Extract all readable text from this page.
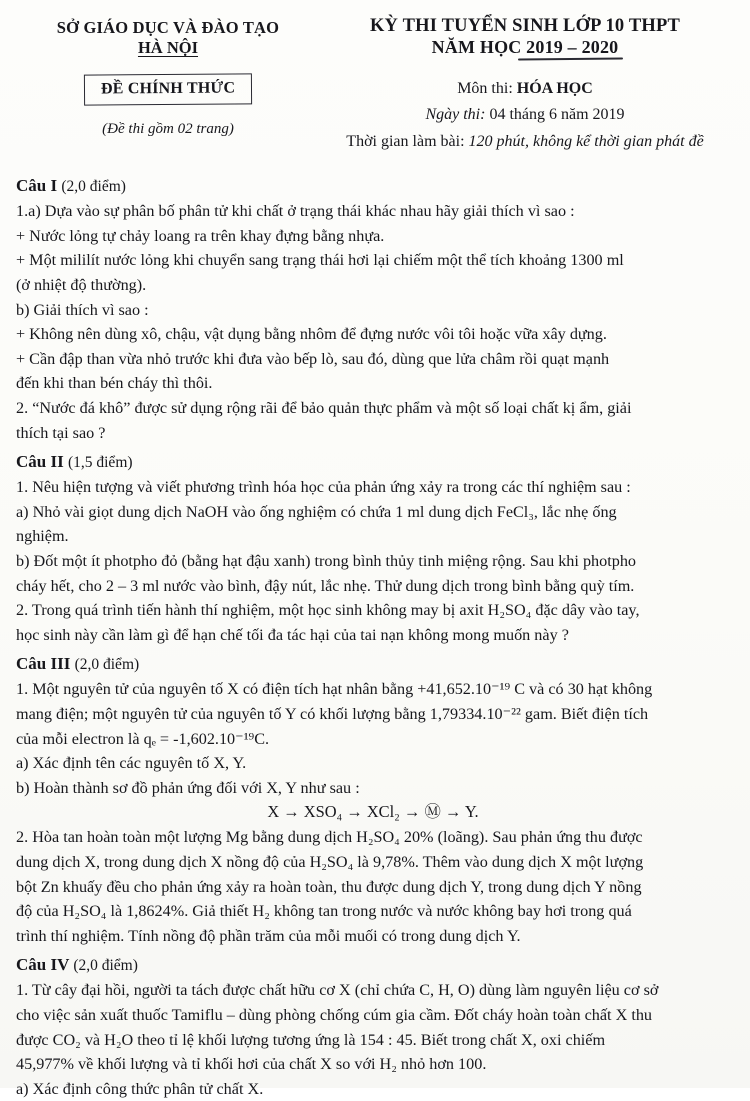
SỞ GIÁO DỤC VÀ ĐÀO TẠO
HÀ NỘI
KỲ THI TUYỂN SINH LỚP 10 THPT
NĂM HỌC 2019 – 2020
ĐỀ CHÍNH THỨC
(Đề thi gồm 02 trang)
Môn thi: HÓA HỌC
Ngày thi: 04 tháng 6 năm 2019
Thời gian làm bài: 120 phút, không kể thời gian phát đề
Câu I (2,0 điểm)

1.a) Dựa vào sự phân bố phân tử khi chất ở trạng thái khác nhau hãy giải thích vì sao :

+ Nước lỏng tự chảy loang ra trên khay đựng bằng nhựa.

+ Một mililít nước lỏng khi chuyển sang trạng thái hơi lại chiếm một thể tích khoảng 1300 ml

(ở nhiệt độ thường).

b) Giải thích vì sao :

+ Không nên dùng xô, chậu, vật dụng bằng nhôm để đựng nước vôi tôi hoặc vữa xây dựng.

+ Cần đập than vừa nhỏ trước khi đưa vào bếp lò, sau đó, dùng que lửa châm rồi quạt mạnh

đến khi than bén cháy thì thôi.

2. “Nước đá khô” được sử dụng rộng rãi để bảo quản thực phẩm và một số loại chất kị ẩm, giải

thích tại sao ?

Câu II (1,5 điểm)

1. Nêu hiện tượng và viết phương trình hóa học của phản ứng xảy ra trong các thí nghiệm sau :

a) Nhỏ vài giọt dung dịch NaOH vào ống nghiệm có chứa 1 ml dung dịch FeCl₃, lắc nhẹ ống

nghiệm.

b) Đốt một ít photpho đỏ (bằng hạt đậu xanh) trong bình thủy tinh miệng rộng. Sau khi photpho

cháy hết, cho 2 – 3 ml nước vào bình, đậy nút, lắc nhẹ. Thử dung dịch trong bình bằng quỳ tím.

2. Trong quá trình tiến hành thí nghiệm, một học sinh không may bị axit H₂SO₄ đặc dây vào tay,

học sinh này cần làm gì để hạn chế tối đa tác hại của tai nạn không mong muốn này ?

Câu III (2,0 điểm)

1. Một nguyên tử của nguyên tố X có điện tích hạt nhân bằng +41,652.10⁻¹⁹ C và có 30 hạt không

mang điện; một nguyên tử của nguyên tố Y có khối lượng bằng 1,79334.10⁻²² gam. Biết điện tích

của mỗi electron là qₑ = -1,602.10⁻¹⁹C.

a) Xác định tên các nguyên tố X, Y.

b) Hoàn thành sơ đồ phản ứng đối với X, Y như sau :

X → XSO₄ → XCl₂ → Ⓜ → Y.

2. Hòa tan hoàn toàn một lượng Mg bằng dung dịch H₂SO₄ 20% (loãng). Sau phản ứng thu được

dung dịch X, trong dung dịch X nồng độ của H₂SO₄ là 9,78%. Thêm vào dung dịch X một lượng

bột Zn khuấy đều cho phản ứng xảy ra hoàn toàn, thu được dung dịch Y, trong dung dịch Y nồng

độ của H₂SO₄ là 1,8624%. Giả thiết H₂ không tan trong nước và nước không bay hơi trong quá

trình thí nghiệm. Tính nồng độ phần trăm của mỗi muối có trong dung dịch Y.

Câu IV (2,0 điểm)

1. Từ cây đại hồi, người ta tách được chất hữu cơ X (chỉ chứa C, H, O) dùng làm nguyên liệu cơ sở

cho việc sản xuất thuốc Tamiflu – dùng phòng chống cúm gia cầm. Đốt cháy hoàn toàn chất X thu

được CO₂ và H₂O theo tỉ lệ khối lượng tương ứng là 154 : 45. Biết trong chất X, oxi chiếm

45,977% về khối lượng và tỉ khối hơi của chất X so với H₂ nhỏ hơn 100.

a) Xác định công thức phân tử chất X.
